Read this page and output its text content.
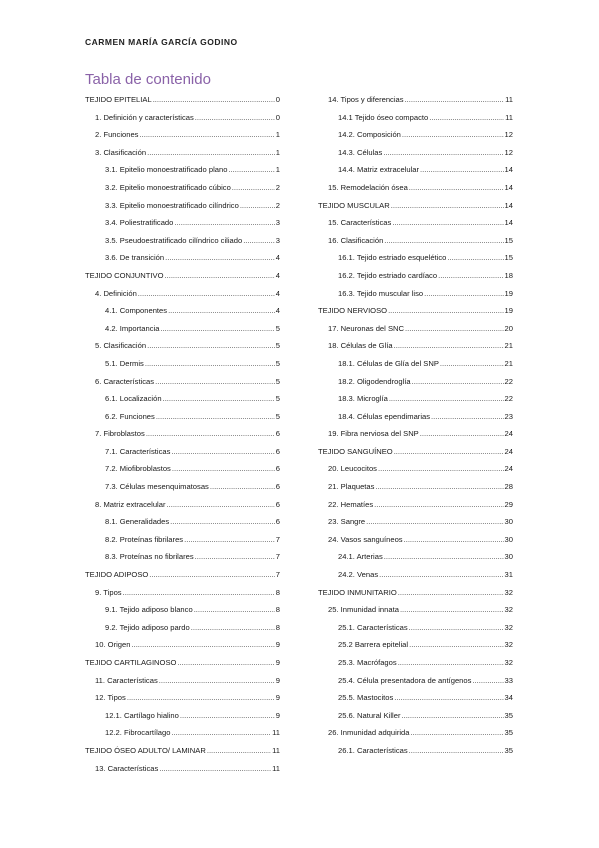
CARMEN MARÍA GARCÍA GODINO
Tabla de contenido
TEJIDO EPITELIAL .....	0
1. Definición y características .....	0
2. Funciones .....	1
3. Clasificación .....	1
3.1. Epitelio monoestratificado plano .....	1
3.2. Epitelio monoestratificado cúbico .....	2
3.3. Epitelio monoestratificado cilíndrico .....	2
3.4. Poliestratificado .....	3
3.5. Pseudoestratificado cilíndrico ciliado .....	3
3.6. De transición .....	4
TEJIDO CONJUNTIVO .....	4
4. Definición .....	4
4.1. Componentes .....	4
4.2. Importancia .....	5
5. Clasificación .....	5
5.1. Dermis .....	5
6. Características .....	5
6.1. Localización .....	5
6.2. Funciones .....	5
7. Fibroblastos .....	6
7.1. Características .....	6
7.2. Miofibroblastos .....	6
7.3. Células mesenquimatosas .....	6
8. Matriz extracelular .....	6
8.1. Generalidades .....	6
8.2. Proteínas fibrilares .....	7
8.3. Proteínas no fibrilares .....	7
TEJIDO ADIPOSO .....	7
9. Tipos .....	8
9.1. Tejido adiposo blanco .....	8
9.2. Tejido adiposo pardo .....	8
10. Origen .....	9
TEJIDO CARTILAGINOSO .....	9
11. Características .....	9
12. Tipos .....	9
12.1. Cartílago hialino .....	9
12.2. Fibrocartílago .....	11
TEJIDO ÓSEO ADULTO/ LAMINAR .....	11
13. Características .....	11
14. Tipos y diferencias .....	11
14.1 Tejido óseo compacto .....	11
14.2. Composición .....	12
14.3. Células .....	12
14.4. Matriz extracelular .....	14
15. Remodelación ósea .....	14
TEJIDO MUSCULAR .....	14
15. Características .....	14
16. Clasificación .....	15
16.1. Tejido estriado esquelético .....	15
16.2. Tejido estriado cardíaco .....	18
16.3. Tejido muscular liso .....	19
TEJIDO NERVIOSO .....	19
17. Neuronas del SNC .....	20
18. Células de Glía .....	21
18.1. Células de Glía del SNP .....	21
18.2. Oligodendroglía .....	22
18.3. Microglía .....	22
18.4. Células ependimarias .....	23
19. Fibra nerviosa del SNP .....	24
TEJIDO SANGUÍNEO .....	24
20. Leucocitos .....	24
21. Plaquetas .....	28
22. Hematíes .....	29
23. Sangre .....	30
24. Vasos sanguíneos .....	30
24.1. Arterias .....	30
24.2. Venas .....	31
TEJIDO INMUNITARIO .....	32
25. Inmunidad innata .....	32
25.1. Características .....	32
25.2 Barrera epitelial .....	32
25.3. Macrófagos .....	32
25.4. Célula presentadora de antígenos .....	33
25.5. Mastocitos .....	34
25.6. Natural Killer .....	35
26. Inmunidad adquirida .....	35
26.1. Características .....	35
